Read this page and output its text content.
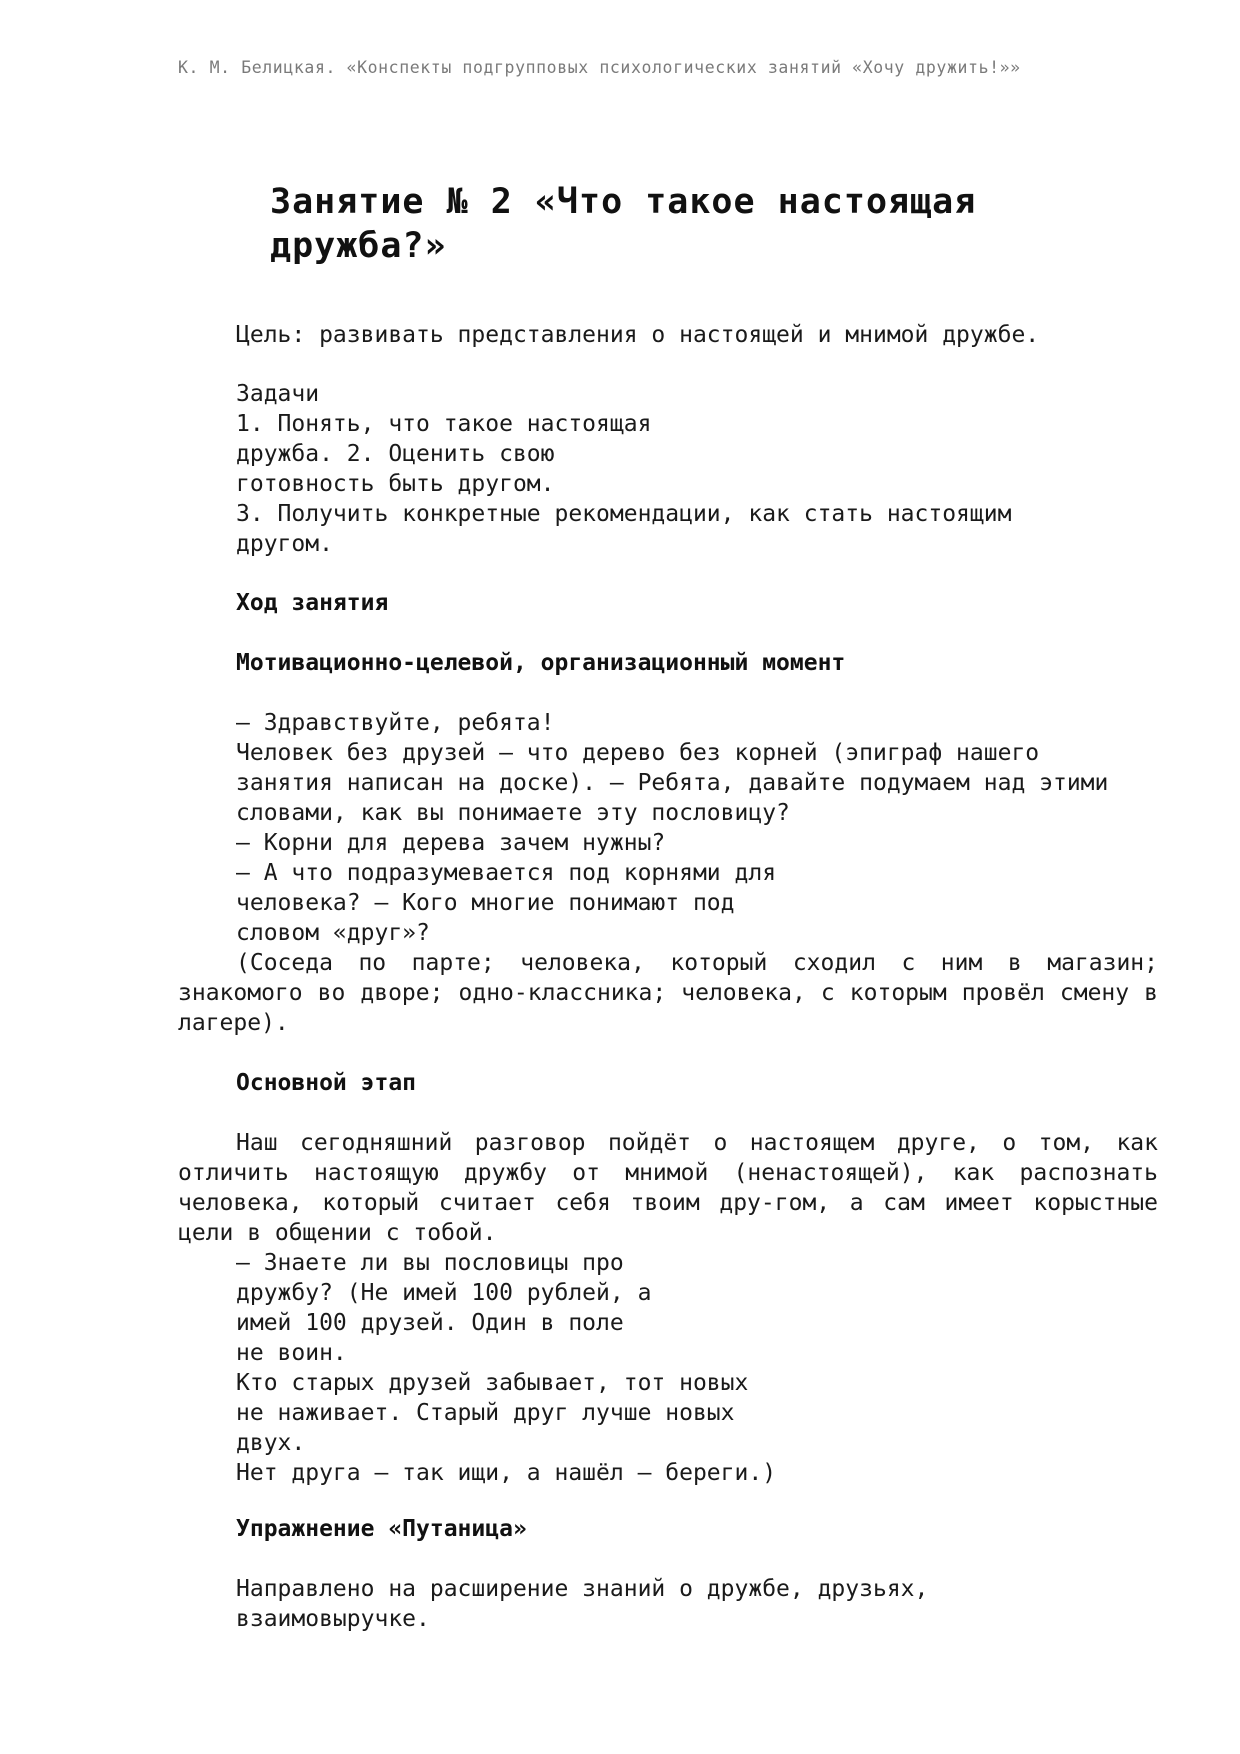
К. М. Белицкая. «Конспекты подгрупповых психологических занятий «Хочу дружить!»»
Занятие № 2 «Что такое настоящая
дружба?»
Цель: развивать представления о настоящей и мнимой дружбе.
Задачи
1. Понять, что такое настоящая
дружба. 2. Оценить свою
готовность быть другом.
3. Получить конкретные рекомендации, как стать настоящим
другом.
Ход занятия
Мотивационно-целевой, организационный момент
— Здравствуйте, ребята!
Человек без друзей — что дерево без корней (эпиграф нашего
занятия написан на доске). — Ребята, давайте подумаем над этими
словами, как вы понимаете эту пословицу?
— Корни для дерева зачем нужны?
— А что подразумевается под корнями для
человека? — Кого многие понимают под
словом «друг»?

(Соседа по парте; человека, который сходил с ним в магазин; знакомого во дворе; одно-классника; человека, с которым провёл смену в лагере).

Основной этап

Наш сегодняшний разговор пойдёт о настоящем друге, о том, как отличить настоящую дружбу от мнимой (ненастоящей), как распознать человека, который считает себя твоим дру-гом, а сам имеет корыстные цели в общении с тобой.

— Знаете ли вы пословицы про
дружбу? (Не имей 100 рублей, а
имей 100 друзей. Один в поле
не воин.
Кто старых друзей забывает, тот новых
не наживает. Старый друг лучше новых
двух.
Нет друга — так ищи, а нашёл — береги.)
Упражнение «Путаница»

Направлено на расширение знаний о дружбе, друзьях, взаимовыручке.
